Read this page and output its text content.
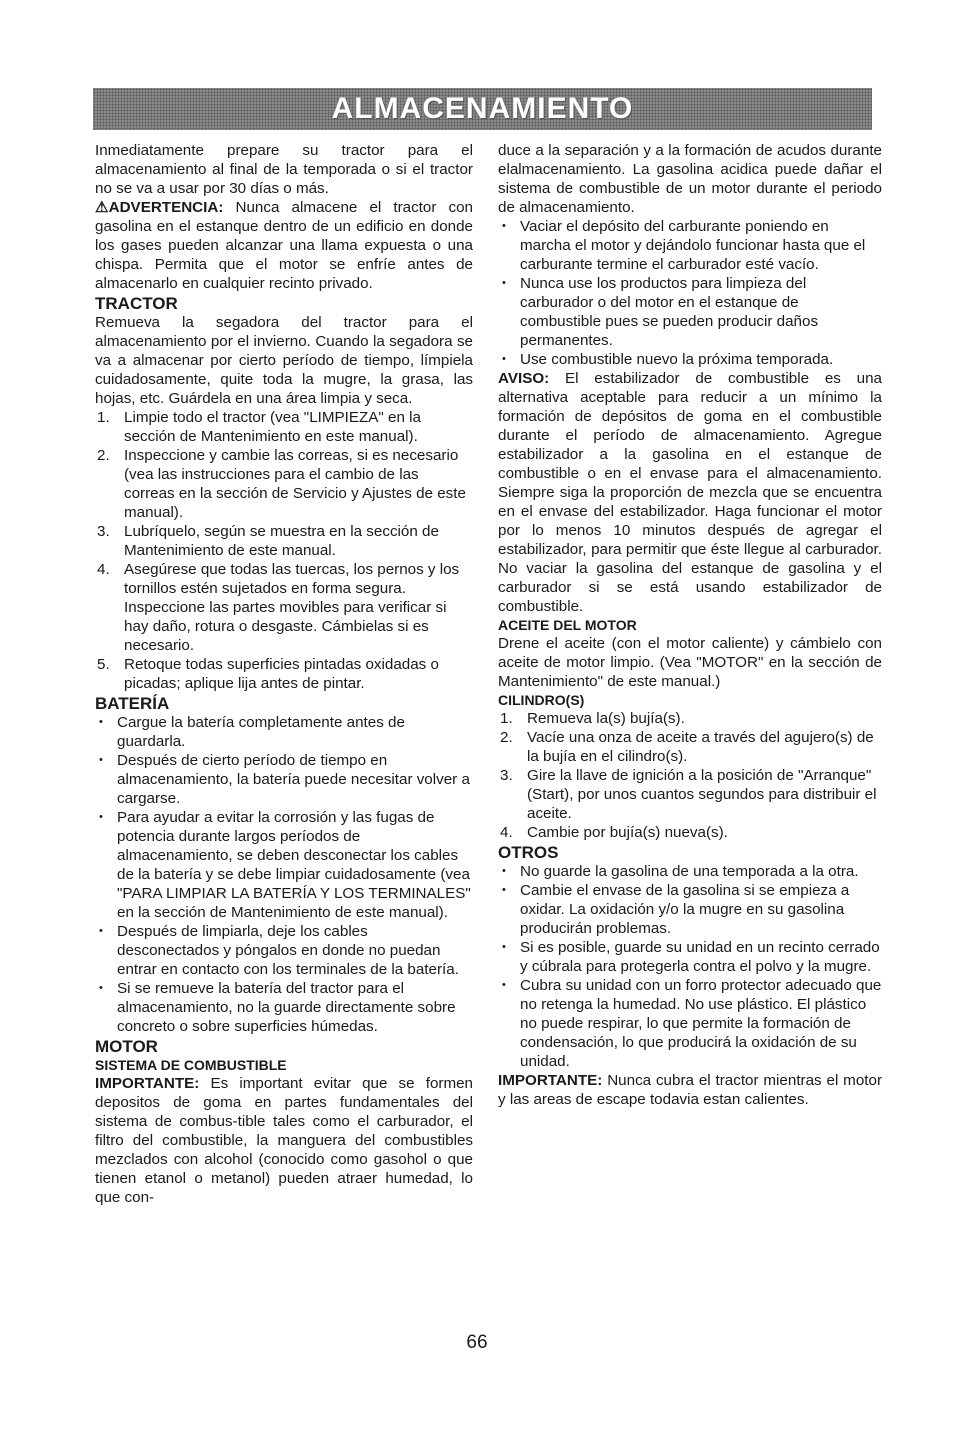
ALMACENAMIENTO

Inmediatamente prepare su tractor para el almacenamiento al final de la temporada o si el tractor no se va a usar por 30 días o más.

⚠ADVERTENCIA: Nunca almacene el tractor con gasolina en el estanque dentro de un edificio en donde los gases pueden alcanzar una llama expuesta o una chispa. Permita que el motor se enfríe antes de almacenarlo en cualquier recinto privado.

TRACTOR

Remueva la segadora del tractor para el almacenamiento por el invierno. Cuando la segadora se va a almacenar por cierto período de tiempo, límpiela cuidadosamente, quite toda la mugre, la grasa, las hojas, etc. Guárdela en una área limpia y seca.

1. Limpie todo el tractor (vea "LIMPIEZA" en la sección de Mantenimiento en este manual).
2. Inspeccione y cambie las correas, si es necesario (vea las instrucciones para el cambio de las correas en la sección de Servicio y Ajustes de este manual).
3. Lubríquelo, según se muestra en la sección de Mantenimiento de este manual.
4. Asegúrese que todas las tuercas, los pernos y los tornillos estén sujetados en forma segura. Inspeccione las partes movibles para verificar si hay daño, rotura o desgaste. Cámbielas si es necesario.
5. Retoque todas superficies pintadas oxidadas o picadas; aplique lija antes de pintar.

BATERÍA

• Cargue la batería completamente antes de guardarla.
• Después de cierto período de tiempo en almacenamiento, la batería puede necesitar volver a cargarse.
• Para ayudar a evitar la corrosión y las fugas de potencia durante largos períodos de almacenamiento, se deben desconectar los cables de la batería y se debe limpiar cuidadosamente (vea "PARA LIMPIAR LA BATERÍA Y LOS TERMINALES" en la sección de Mantenimiento de este manual).
• Después de limpiarla, deje los cables desconectados y póngalos en donde no puedan entrar en contacto con los terminales de la batería.
• Si se remueve la batería del tractor para el almacenamiento, no la guarde directamente sobre concreto o sobre superficies húmedas.

MOTOR

SISTEMA DE COMBUSTIBLE

IMPORTANTE: Es important evitar que se formen depositos de goma en partes fundamentales del sistema de combus-tible tales como el carburador, el filtro del combustible, la manguera del combustibles mezclados con alcohol (conocido como gasohol o que tienen etanol o metanol) pueden atraer humedad, lo que con-

duce a la separación y a la formación de acudos durante elalmacenamiento. La gasolina acidica puede dañar el sistema de combustible de un motor durante el periodo de almacenamiento.

• Vaciar el depósito del carburante poniendo en marcha el motor y dejándolo funcionar hasta que el carburante termine el carburador esté vacío.
• Nunca use los productos para limpieza del carburador o del motor en el estanque de combustible pues se pueden producir daños permanentes.
• Use combustible nuevo la próxima temporada.

AVISO: El estabilizador de combustible es una alternativa aceptable para reducir a un mínimo la formación de depósitos de goma en el combustible durante el período de almacenamiento. Agregue estabilizador a la gasolina en el estanque de combustible o en el envase para el almacenamiento. Siempre siga la proporción de mezcla que se encuentra en el envase del estabilizador. Haga funcionar el motor por lo menos 10 minutos después de agregar el estabilizador, para permitir que éste llegue al carburador. No vaciar la gasolina del estanque de gasolina y el carburador si se está usando estabilizador de combustible.

ACEITE DEL MOTOR

Drene el aceite (con el motor caliente) y cámbielo con aceite de motor limpio. (Vea "MOTOR" en la sección de Mantenimiento" de este manual.)

CILINDRO(S)

1. Remueva la(s) bujía(s).
2. Vacíe una onza de aceite a través del agujero(s) de la bujía en el cilindro(s).
3. Gire la llave de ignición a la posición de "Arranque" (Start), por unos cuantos segundos para distribuir el aceite.
4. Cambie por bujía(s) nueva(s).

OTROS

• No guarde la gasolina de una temporada a la otra.
• Cambie el envase de la gasolina si se empieza a oxidar. La oxidación y/o la mugre en su gasolina producirán problemas.
• Si es posible, guarde su unidad en un recinto cerrado y cúbrala para protegerla contra el polvo y la mugre.
• Cubra su unidad con un forro protector adecuado que no retenga la humedad. No use plástico. El plástico no puede respirar, lo que permite la formación de condensación, lo que producirá la oxidación de su unidad.

IMPORTANTE: Nunca cubra el tractor mientras el motor y las areas de escape todavia estan calientes.

66
